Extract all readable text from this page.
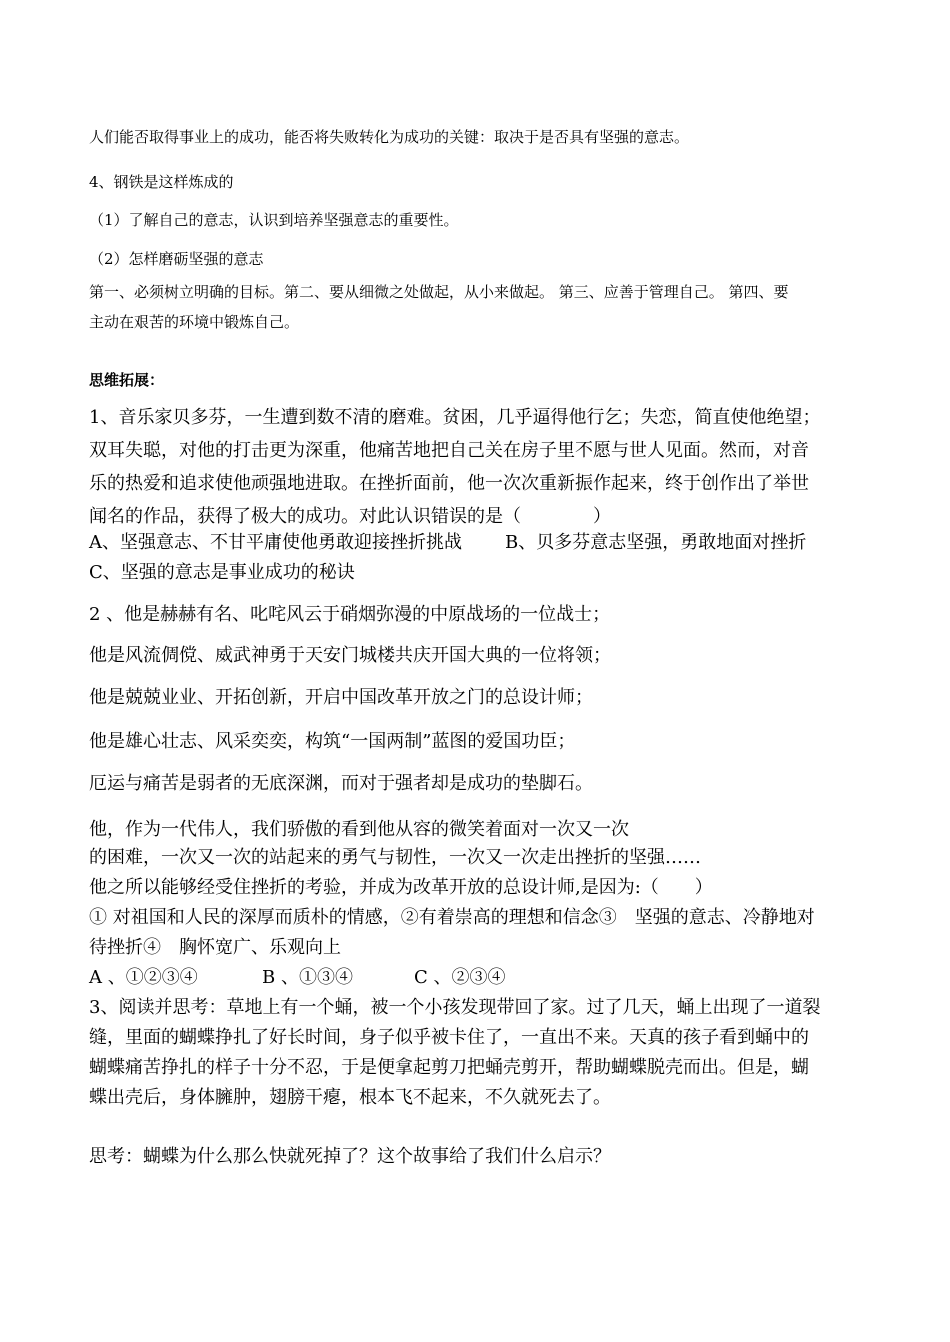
人们能否取得事业上的成功，能否将失败转化为成功的关键：取决于是否具有坚强的意志。
4、钢铁是这样炼成的
（1）了解自己的意志，认识到培养坚强意志的重要性。
（2）怎样磨砺坚强的意志
第一、必须树立明确的目标。第二、要从细微之处做起，从小来做起。 第三、应善于管理自己。 第四、要
主动在艰苦的环境中锻炼自己。
思维拓展：
1、音乐家贝多芬，一生遭到数不清的磨难。贫困，几乎逼得他行乞；失恋，简直使他绝望；
双耳失聪，对他的打击更为深重，他痛苦地把自己关在房子里不愿与世人见面。然而，对音
乐的热爱和追求使他顽强地进取。在挫折面前，他一次次重新振作起来，终于创作出了举世
闻名的作品，获得了极大的成功。对此认识错误的是（　　　　）
A、坚强意志、不甘平庸使他勇敢迎接挫折挑战 B、贝多芬意志坚强，勇敢地面对挫折
C、坚强的意志是事业成功的秘诀
2 、他是赫赫有名、叱咤风云于硝烟弥漫的中原战场的一位战士；
他是风流倜傥、威武神勇于天安门城楼共庆开国大典的一位将领；
他是兢兢业业、开拓创新，开启中国改革开放之门的总设计师；
他是雄心壮志、风采奕奕，构筑“一国两制”蓝图的爱国功臣；
厄运与痛苦是弱者的无底深渊，而对于强者却是成功的垫脚石。
他，作为一代伟人，我们骄傲的看到他从容的微笑着面对一次又一次
的困难，一次又一次的站起来的勇气与韧性，一次又一次走出挫折的坚强……
他之所以能够经受住挫折的考验，并成为改革开放的总设计师,是因为:（　　）
① 对祖国和人民的深厚而质朴的情感，②有着崇高的理想和信念③　坚强的意志、冷静地对
待挫折④　胸怀宽广、乐观向上
A 、①②③④	B 、①③④	C 、②③④
3、阅读并思考：草地上有一个蛹，被一个小孩发现带回了家。过了几天，蛹上出现了一道裂
缝，里面的蝴蝶挣扎了好长时间，身子似乎被卡住了，一直出不来。天真的孩子看到蛹中的
蝴蝶痛苦挣扎的样子十分不忍，于是便拿起剪刀把蛹壳剪开，帮助蝴蝶脱壳而出。但是，蝴
蝶出壳后，身体臃肿，翅膀干瘪，根本飞不起来，不久就死去了。
思考：蝴蝶为什么那么快就死掉了？这个故事给了我们什么启示？
